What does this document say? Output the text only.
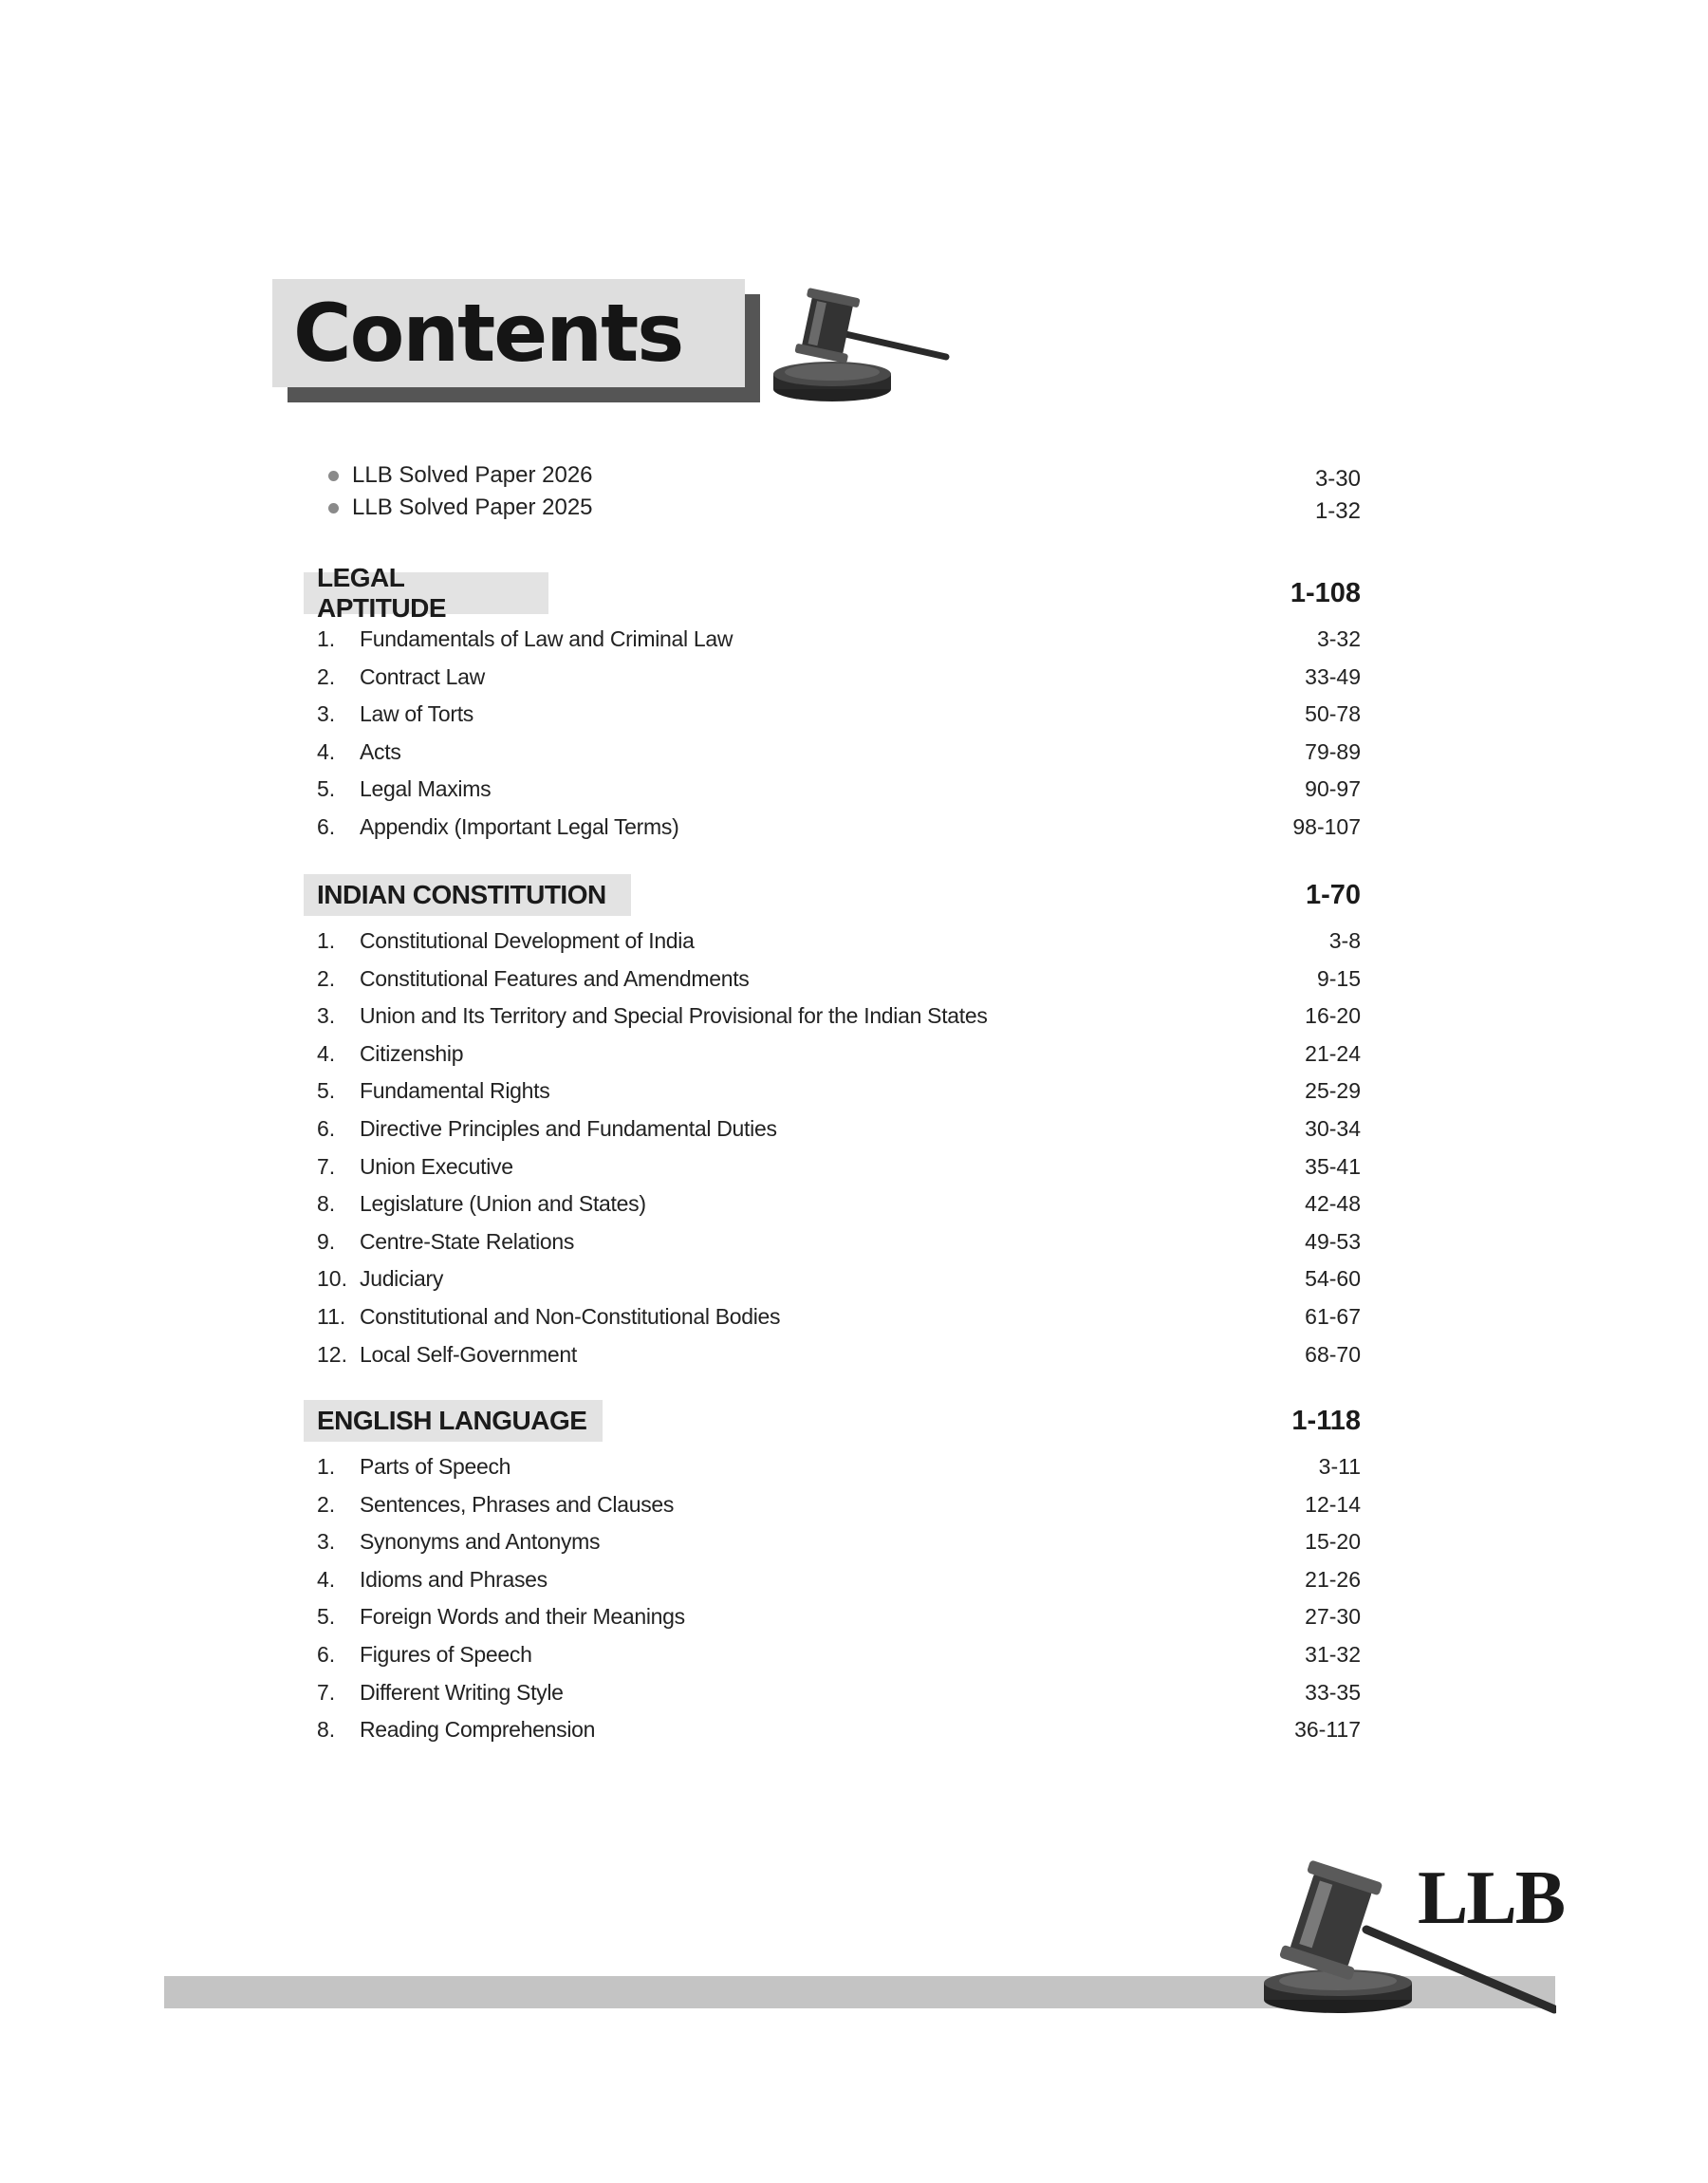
Contents
LLB Solved Paper 2026	3-30
LLB Solved Paper 2025	1-32
LEGAL APTITUDE	1-108
1. Fundamentals of Law and Criminal Law	3-32
2. Contract Law	33-49
3. Law of Torts	50-78
4. Acts	79-89
5. Legal Maxims	90-97
6. Appendix (Important Legal Terms)	98-107
INDIAN CONSTITUTION	1-70
1. Constitutional Development of India	3-8
2. Constitutional Features and Amendments	9-15
3. Union and Its Territory and Special Provisional for the Indian States	16-20
4. Citizenship	21-24
5. Fundamental Rights	25-29
6. Directive Principles and Fundamental Duties	30-34
7. Union Executive	35-41
8. Legislature (Union and States)	42-48
9. Centre-State Relations	49-53
10. Judiciary	54-60
11. Constitutional and Non-Constitutional Bodies	61-67
12. Local Self-Government	68-70
ENGLISH LANGUAGE	1-118
1. Parts of Speech	3-11
2. Sentences, Phrases and Clauses	12-14
3. Synonyms and Antonyms	15-20
4. Idioms and Phrases	21-26
5. Foreign Words and their Meanings	27-30
6. Figures of Speech	31-32
7. Different Writing Style	33-35
8. Reading Comprehension	36-117
LLB
